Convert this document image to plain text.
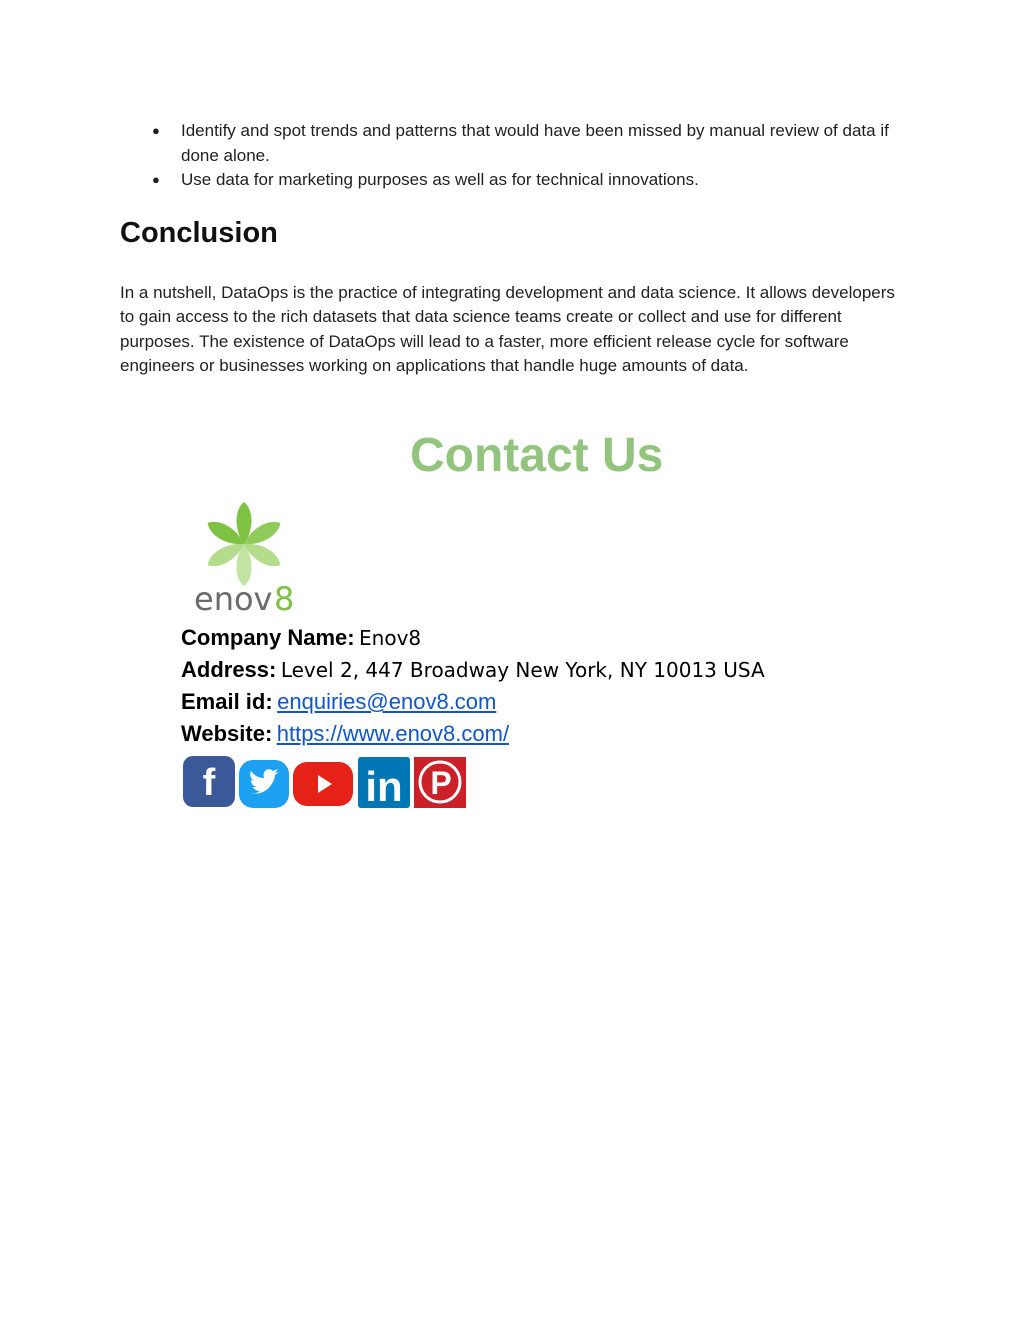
● Identify and spot trends and patterns that would have been missed by manual review of data if done alone.
● Use data for marketing purposes as well as for technical innovations.
Conclusion

In a nutshell, DataOps is the practice of integrating development and data science. It allows developers to gain access to the rich datasets that data science teams create or collect and use for different purposes. The existence of DataOps will lead to a faster, more efficient release cycle for software engineers or businesses working on applications that handle huge amounts of data.

Contact Us
enov 8
Company Name: Enov8
Address: Level 2, 447 Broadway New York, NY 10013 USA
Email id: enquiries@enov8.com
Website: https://www.enov8.com/
f	in P
